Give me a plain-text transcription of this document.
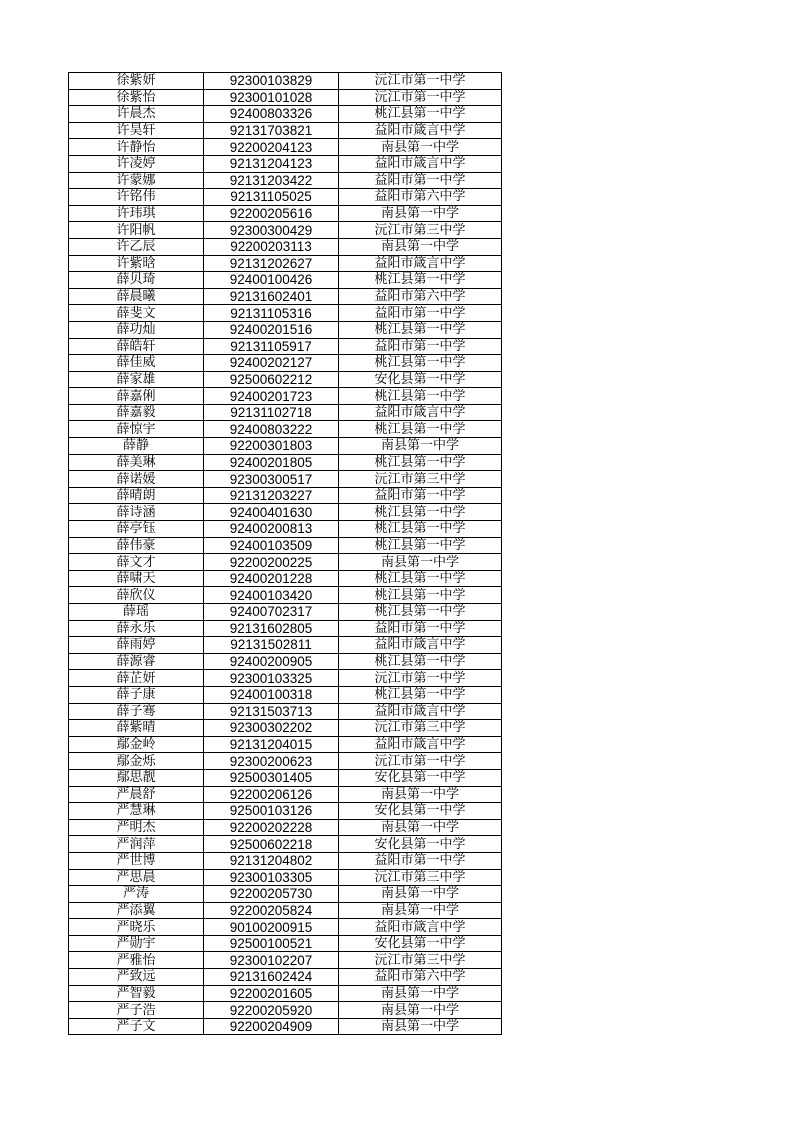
徐紫妍	92300103829	沅江市第一中学
徐紫怡	92300101028	沅江市第一中学
许晨杰	92400803326	桃江县第一中学
许昊轩	92131703821	益阳市箴言中学
许静怡	92200204123	南县第一中学
许凌婷	92131204123	益阳市箴言中学
许蒙娜	92131203422	益阳市第一中学
许铭伟	92131105025	益阳市第六中学
许玮琪	92200205616	南县第一中学
许阳帆	92300300429	沅江市第三中学
许乙辰	92200203113	南县第一中学
许紫晗	92131202627	益阳市箴言中学
薛贝琦	92400100426	桃江县第一中学
薛晨曦	92131602401	益阳市第六中学
薛斐文	92131105316	益阳市第一中学
薛功灿	92400201516	桃江县第一中学
薛皓轩	92131105917	益阳市第一中学
薛佳威	92400202127	桃江县第一中学
薛家雄	92500602212	安化县第一中学
薛嘉俐	92400201723	桃江县第一中学
薛嘉毅	92131102718	益阳市箴言中学
薛惊宇	92400803222	桃江县第一中学
薛静	92200301803	南县第一中学
薛美琳	92400201805	桃江县第一中学
薛诺媛	92300300517	沅江市第三中学
薛晴朗	92131203227	益阳市第一中学
薛诗涵	92400401630	桃江县第一中学
薛亭钰	92400200813	桃江县第一中学
薛伟豪	92400103509	桃江县第一中学
薛文才	92200200225	南县第一中学
薛啸天	92400201228	桃江县第一中学
薛欣仪	92400103420	桃江县第一中学
薛瑶	92400702317	桃江县第一中学
薛永乐	92131602805	益阳市第一中学
薛雨婷	92131502811	益阳市箴言中学
薛源睿	92400200905	桃江县第一中学
薛芷妍	92300103325	沅江市第一中学
薛子康	92400100318	桃江县第一中学
薛子骞	92131503713	益阳市箴言中学
薛紫晴	92300302202	沅江市第三中学
鄢金岭	92131204015	益阳市箴言中学
鄢金烁	92300200623	沅江市第一中学
鄢思靓	92500301405	安化县第一中学
严晨舒	92200206126	南县第一中学
严慧琳	92500103126	安化县第一中学
严明杰	92200202228	南县第一中学
严润萍	92500602218	安化县第一中学
严世博	92131204802	益阳市第一中学
严思晨	92300103305	沅江市第三中学
严涛	92200205730	南县第一中学
严添翼	92200205824	南县第一中学
严晓乐	90100200915	益阳市箴言中学
严勋宇	92500100521	安化县第一中学
严雅怡	92300102207	沅江市第三中学
严致远	92131602424	益阳市第六中学
严智毅	92200201605	南县第一中学
严子浩	92200205920	南县第一中学
严子文	92200204909	南县第一中学
